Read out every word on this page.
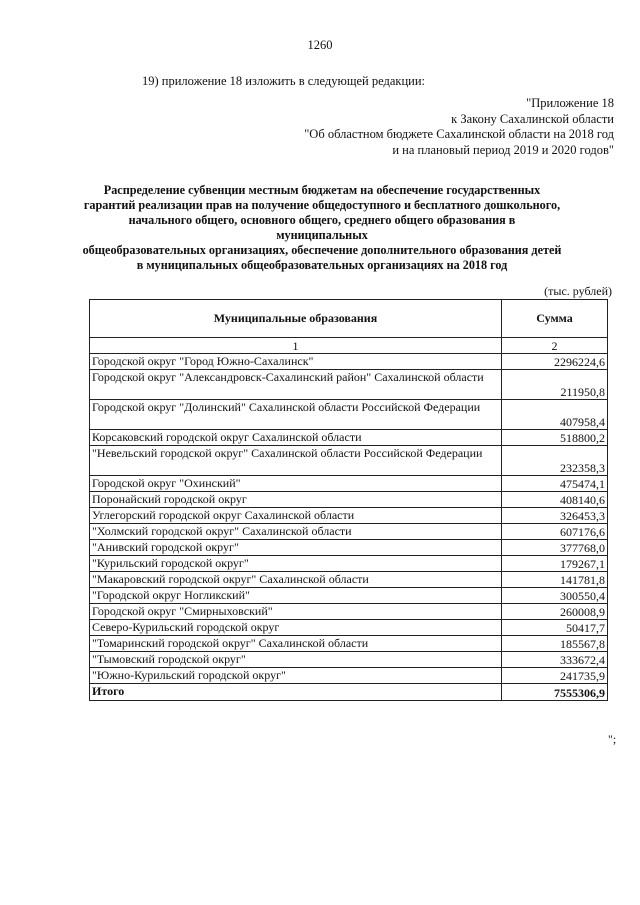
1260
19) приложение 18 изложить в следующей редакции:
"Приложение 18
к Закону Сахалинской области
"Об областном бюджете Сахалинской области на 2018 год
и на плановый период 2019 и 2020 годов"
Распределение субвенции местным бюджетам на обеспечение государственных
гарантий реализации прав на получение общедоступного и бесплатного дошкольного,
начального общего, основного общего, среднего общего образования в муниципальных
общеобразовательных организациях, обеспечение дополнительного образования детей
в муниципальных общеобразовательных организациях на 2018 год
(тыс. рублей)
Муниципальные образования	Сумма
1	2
Городской округ "Город Южно-Сахалинск"	2296224,6
Городской округ "Александровск-Сахалинский район" Сахалинской области	211950,8
Городской округ "Долинский" Сахалинской области Российской Федерации	407958,4
Корсаковский городской округ Сахалинской области	518800,2
"Невельский городской округ" Сахалинской области Российской Федерации	232358,3
Городской округ "Охинский"	475474,1
Поронайский городской округ	408140,6
Углегорский городской округ Сахалинской области	326453,3
"Холмский городской округ" Сахалинской области	607176,6
"Анивский городской округ"	377768,0
"Курильский городской округ"	179267,1
"Макаровский городской округ" Сахалинской области	141781,8
"Городской округ Ногликский"	300550,4
Городской округ "Смирныховский"	260008,9
Северо-Курильский городской округ	50417,7
"Томаринский городской округ" Сахалинской области	185567,8
"Тымовский городской округ"	333672,4
"Южно-Курильский городской округ"	241735,9
Итого	7555306,9
";
